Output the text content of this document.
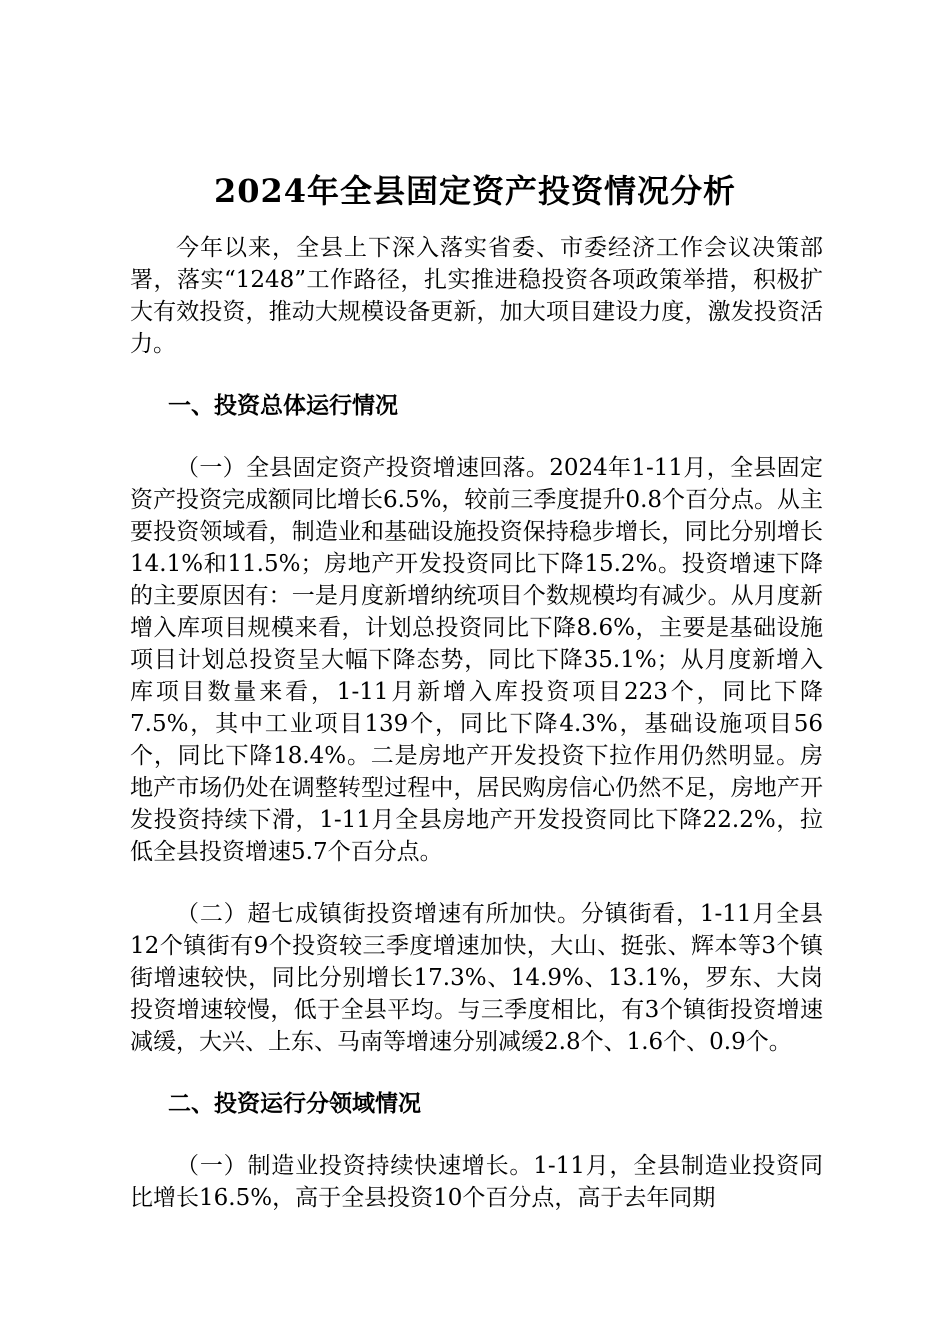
2024年全县固定资产投资情况分析

今年以来，全县上下深入落实省委、市委经济工作会议决策部署，落实“1248”工作路径，扎实推进稳投资各项政策举措，积极扩大有效投资，推动大规模设备更新，加大项目建设力度，激发投资活力。

一、投资总体运行情况

（一）全县固定资产投资增速回落。2024年1-11月，全县固定资产投资完成额同比增长6.5%，较前三季度提升0.8个百分点。从主要投资领域看，制造业和基础设施投资保持稳步增长，同比分别增长14.1%和11.5%；房地产开发投资同比下降15.2%。投资增速下降的主要原因有：一是月度新增纳统项目个数规模均有减少。从月度新增入库项目规模来看，计划总投资同比下降8.6%，主要是基础设施项目计划总投资呈大幅下降态势，同比下降35.1%；从月度新增入库项目数量来看，1-11月新增入库投资项目223个，同比下降7.5%，其中工业项目139个，同比下降4.3%，基础设施项目56个，同比下降18.4%。二是房地产开发投资下拉作用仍然明显。房地产市场仍处在调整转型过程中，居民购房信心仍然不足，房地产开发投资持续下滑，1-11月全县房地产开发投资同比下降22.2%，拉低全县投资增速5.7个百分点。

（二）超七成镇街投资增速有所加快。分镇街看，1-11月全县12个镇街有9个投资较三季度增速加快，大山、挺张、辉本等3个镇街增速较快，同比分别增长17.3%、14.9%、13.1%，罗东、大岗投资增速较慢，低于全县平均。与三季度相比，有3个镇街投资增速减缓，大兴、上东、马南等增速分别减缓2.8个、1.6个、0.9个。

二、投资运行分领域情况

（一）制造业投资持续快速增长。1-11月，全县制造业投资同比增长16.5%，高于全县投资10个百分点，高于去年同期
